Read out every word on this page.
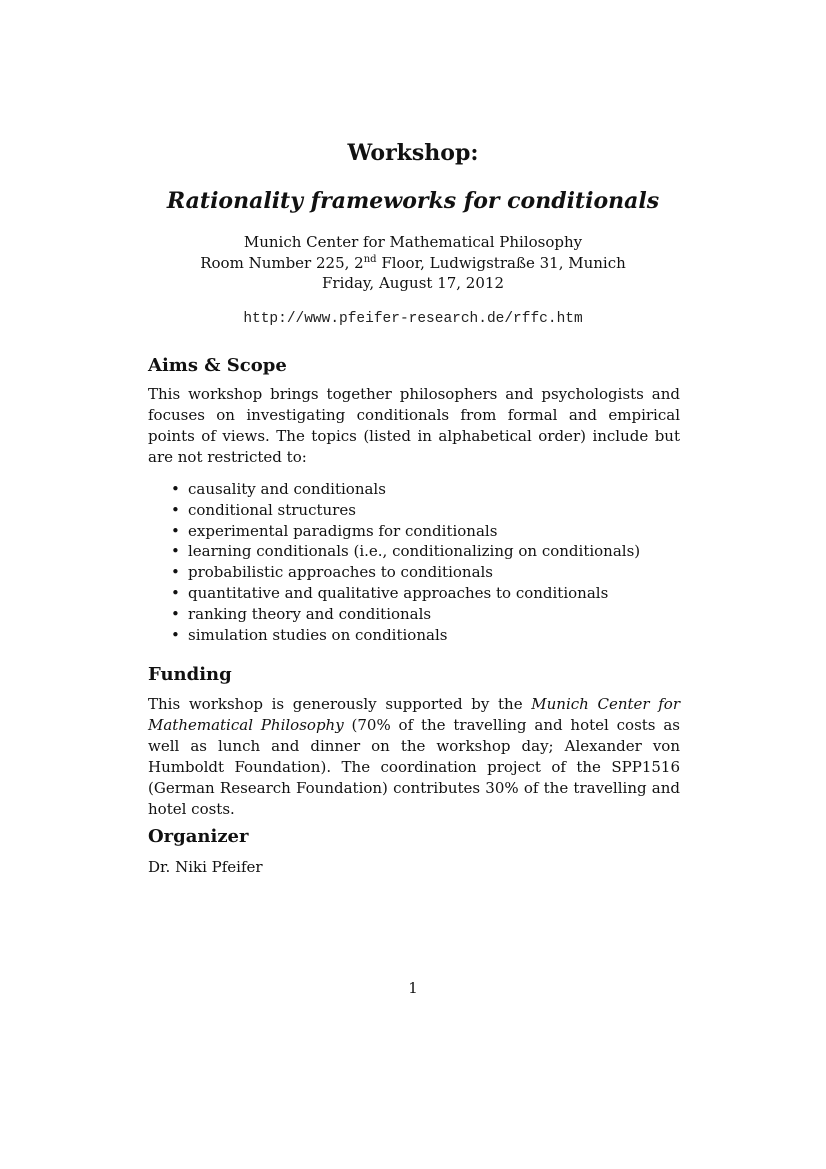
Workshop:
Rationality frameworks for conditionals
Munich Center for Mathematical Philosophy
Room Number 225, 2nd Floor, Ludwigstraße 31, Munich
Friday, August 17, 2012
http://www.pfeifer-research.de/rffc.htm
Aims & Scope

This workshop brings together philosophers and psychologists and focuses on investigating conditionals from formal and empirical points of views. The topics (listed in alphabetical order) include but are not restricted to:

• causality and conditionals
• conditional structures
• experimental paradigms for conditionals
• learning conditionals (i.e., conditionalizing on conditionals)
• probabilistic approaches to conditionals
• quantitative and qualitative approaches to conditionals
• ranking theory and conditionals
• simulation studies on conditionals
Funding

This workshop is generously supported by the Munich Center for Mathematical Philosophy (70% of the travelling and hotel costs as well as lunch and dinner on the workshop day; Alexander von Humboldt Foundation). The coordination project of the SPP1516 (German Research Foundation) contributes 30% of the travelling and hotel costs.

Organizer

Dr. Niki Pfeifer

1
